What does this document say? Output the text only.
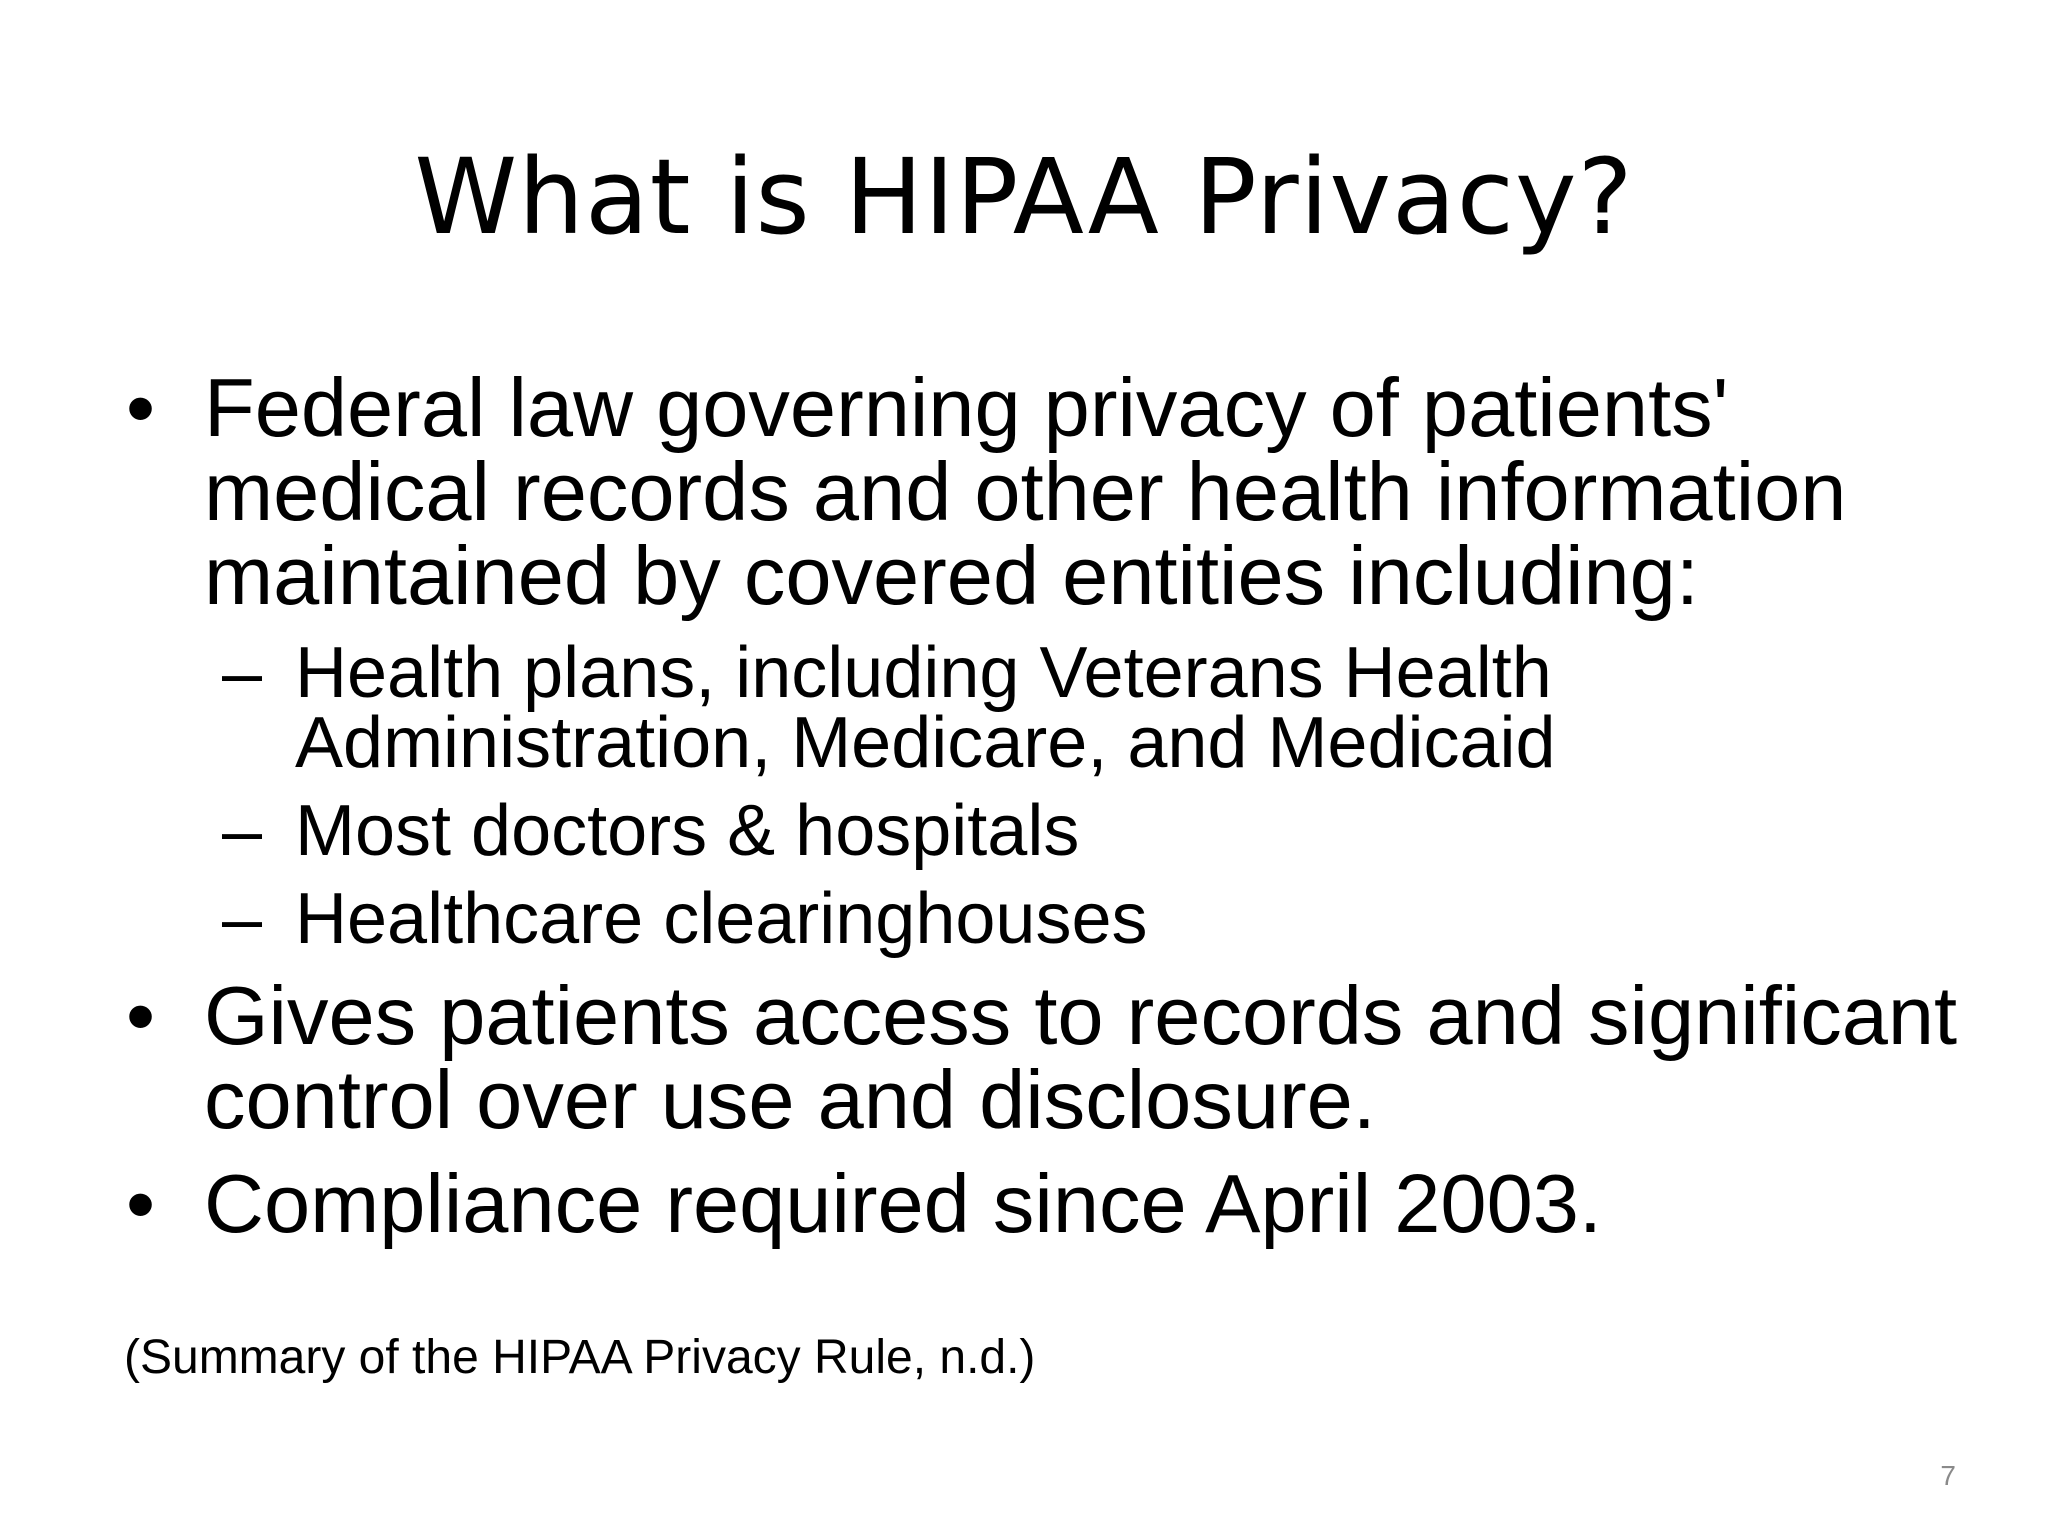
What is HIPAA Privacy?
• Federal law governing privacy of patients' medical records and other health information maintained by covered entities including:
– Health plans, including Veterans Health Administration, Medicare, and Medicaid
– Most doctors & hospitals
– Healthcare clearinghouses
• Gives patients access to records and significant control over use and disclosure.
• Compliance required since April 2003.
(Summary of the HIPAA Privacy Rule, n.d.)
7
